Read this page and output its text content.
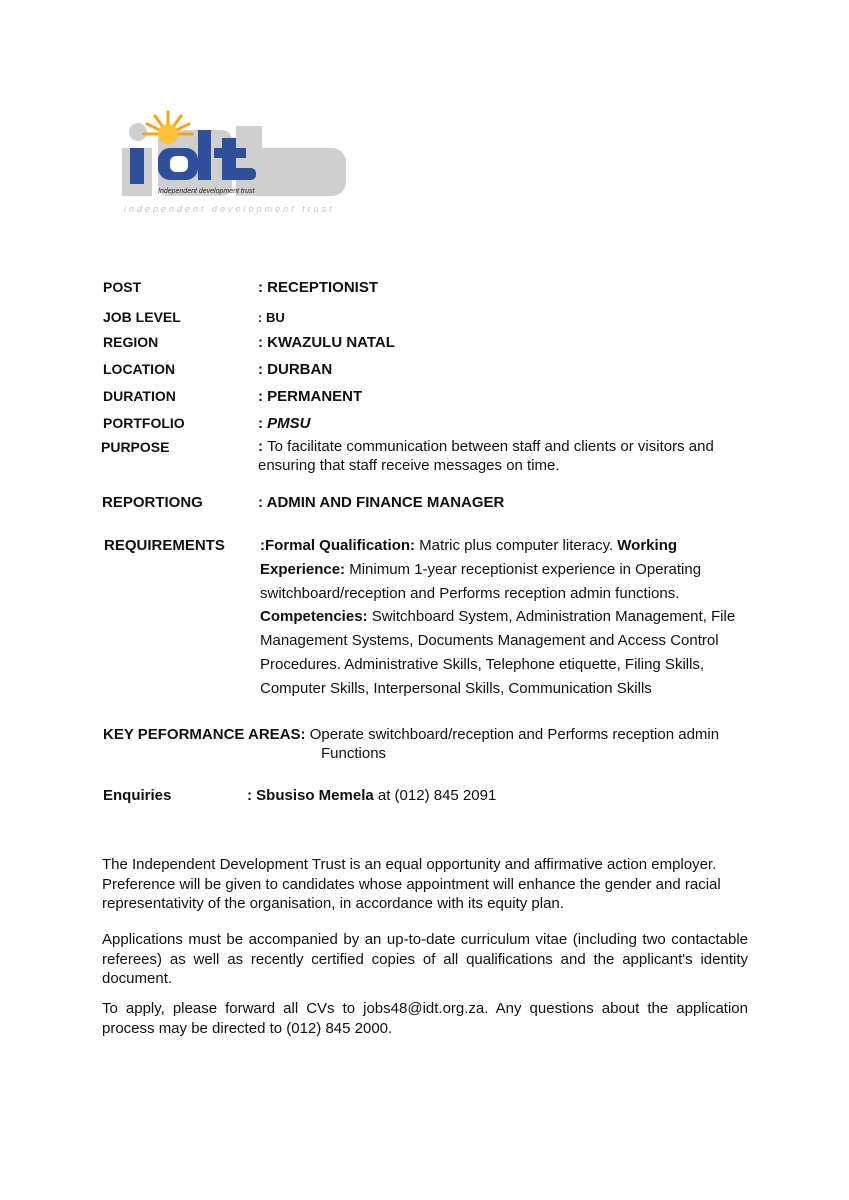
Independent development trust
independent development trust
POST	: RECEPTIONIST
JOB LEVEL	: BU
REGION	: KWAZULU NATAL
LOCATION	: DURBAN
DURATION	: PERMANENT
PORTFOLIO	: PMSU
PURPOSE	: To facilitate communication between staff and clients or visitors and ensuring that staff receive messages on time.
REPORTIONG	: ADMIN AND FINANCE MANAGER
REQUIREMENTS :Formal Qualification: Matric plus computer literacy. Working Experience: Minimum 1-year receptionist experience in Operating switchboard/reception and Performs reception admin functions. Competencies: Switchboard System, Administration Management, File Management Systems, Documents Management and Access Control Procedures. Administrative Skills, Telephone etiquette, Filing Skills, Computer Skills, Interpersonal Skills, Communication Skills
KEY PEFORMANCE AREAS: Operate switchboard/reception and Performs reception admin
Functions
Enquiries	: Sbusiso Memela at (012) 845 2091
The Independent Development Trust is an equal opportunity and affirmative action employer. Preference will be given to candidates whose appointment will enhance the gender and racial representativity of the organisation, in accordance with its equity plan.
Applications must be accompanied by an up-to-date curriculum vitae (including two contactable referees) as well as recently certified copies of all qualifications and the applicant's identity document.
To apply, please forward all CVs to jobs48@idt.org.za. Any questions about the application process may be directed to (012) 845 2000.
